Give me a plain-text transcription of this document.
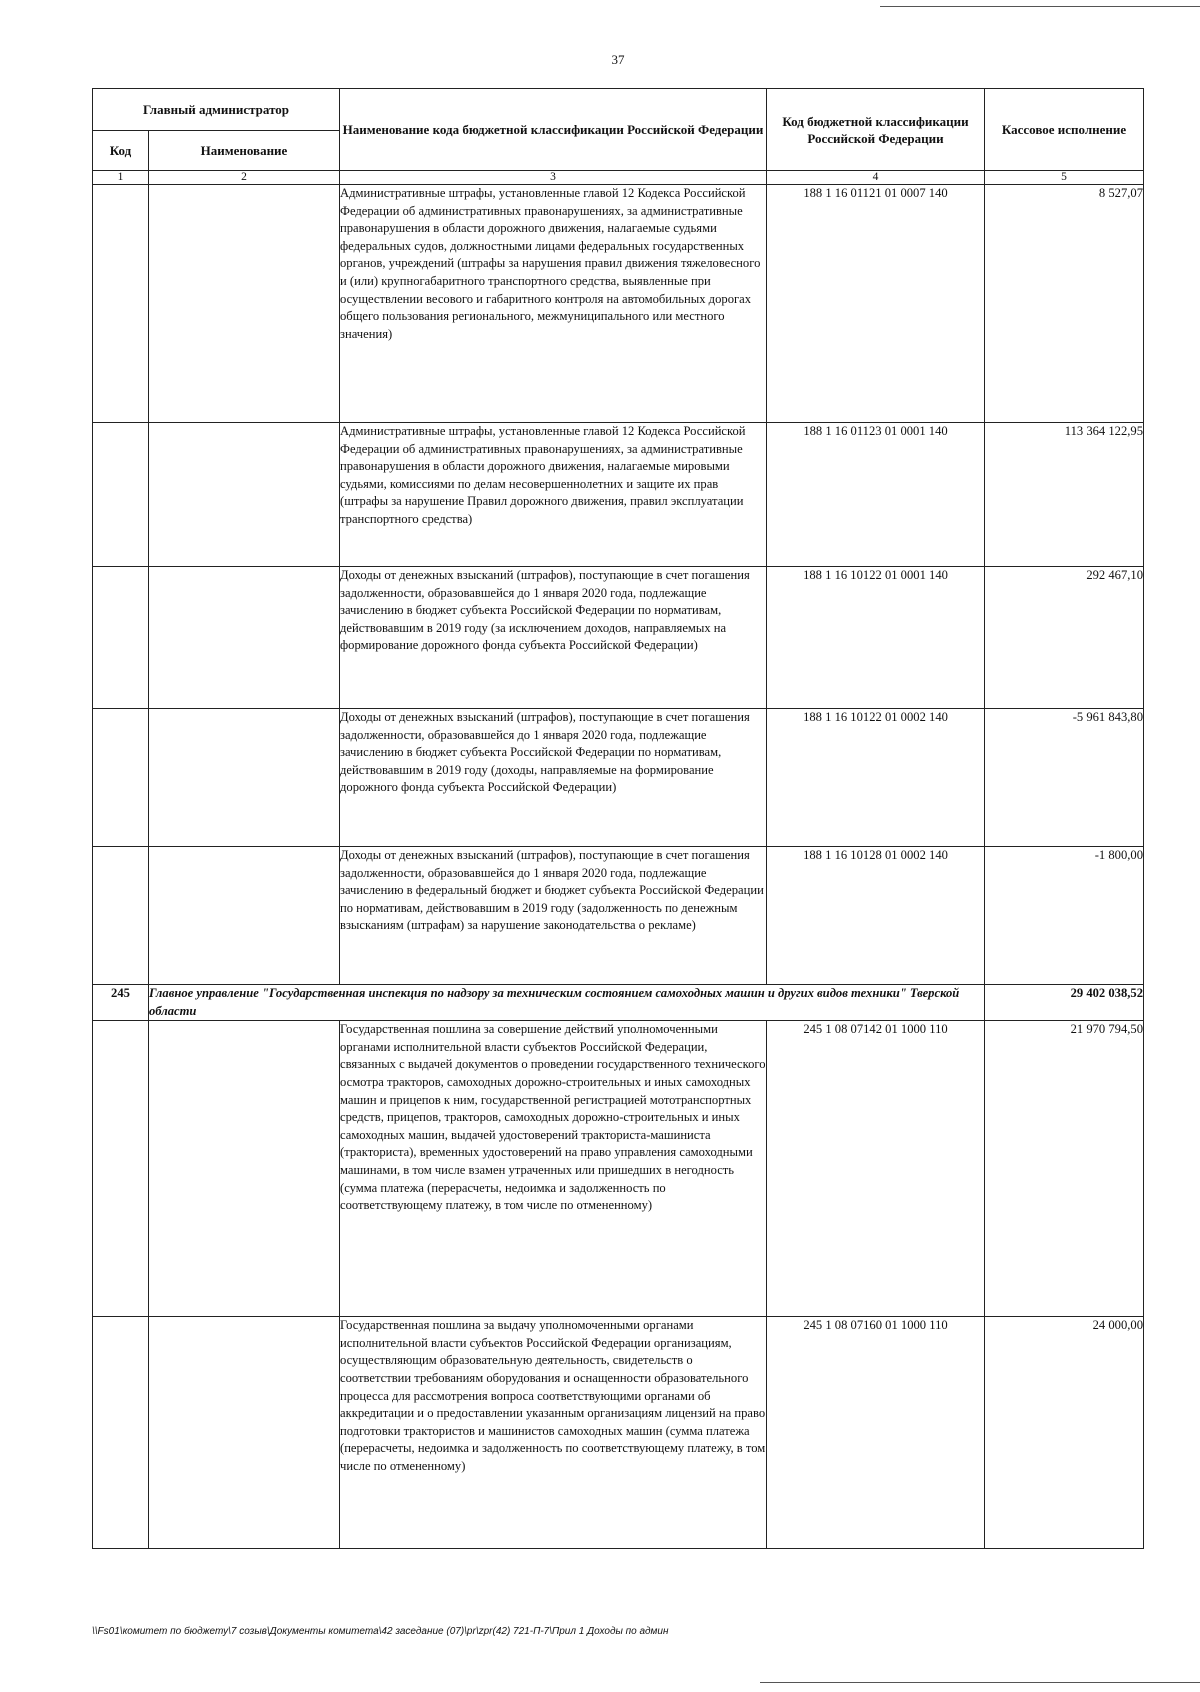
37
Главный администратор		Наименование кода бюджетной классификации Российской Федерации	Код бюджетной классификации Российской Федерации	Кассовое исполнение
Код	Наименование			
1	2	3	4	5
		Административные штрафы, установленные главой 12 Кодекса Российской Федерации об административных правонарушениях, за административные правонарушения в области дорожного движения, налагаемые судьями федеральных судов, должностными лицами федеральных государственных органов, учреждений (штрафы за нарушения правил движения тяжеловесного и (или) крупногабаритного транспортного средства, выявленные при осуществлении весового и габаритного контроля на автомобильных дорогах общего пользования регионального, межмуниципального или местного значения)	188 1 16 01121 01 0007 140	8 527,07
		Административные штрафы, установленные главой 12 Кодекса Российской Федерации об административных правонарушениях, за административные правонарушения в области дорожного движения, налагаемые мировыми судьями, комиссиями по делам несовершеннолетних и защите их прав (штрафы за нарушение Правил дорожного движения, правил эксплуатации транспортного средства)	188 1 16 01123 01 0001 140	113 364 122,95
		Доходы от денежных взысканий (штрафов), поступающие в счет погашения задолженности, образовавшейся до 1 января 2020 года, подлежащие зачислению в бюджет субъекта Российской Федерации по нормативам, действовавшим в 2019 году (за исключением доходов, направляемых на формирование дорожного фонда субъекта Российской Федерации)	188 1 16 10122 01 0001 140	292 467,10
		Доходы от денежных взысканий (штрафов), поступающие в счет погашения задолженности, образовавшейся до 1 января 2020 года, подлежащие зачислению в бюджет субъекта Российской Федерации по нормативам, действовавшим в 2019 году (доходы, направляемые на формирование дорожного фонда субъекта Российской Федерации)	188 1 16 10122 01 0002 140	-5 961 843,80
		Доходы от денежных взысканий (штрафов), поступающие в счет погашения задолженности, образовавшейся до 1 января 2020 года, подлежащие зачислению в федеральный бюджет и бюджет субъекта Российской Федерации по нормативам, действовавшим в 2019 году (задолженность по денежным взысканиям (штрафам) за нарушение законодательства о рекламе)	188 1 16 10128 01 0002 140	-1 800,00
245	Главное управление "Государственная инспекция по надзору за техническим состоянием самоходных машин и других видов техники" Тверской области			29 402 038,52
		Государственная пошлина за совершение действий уполномоченными органами исполнительной власти субъектов Российской Федерации, связанных с выдачей документов о проведении государственного технического осмотра тракторов, самоходных дорожно-строительных и иных самоходных машин и прицепов к ним, государственной регистрацией мототранспортных средств, прицепов, тракторов, самоходных дорожно-строительных и иных самоходных машин, выдачей удостоверений тракториста-машиниста (тракториста), временных удостоверений на право управления самоходными машинами, в том числе взамен утраченных или пришедших в негодность (сумма платежа (перерасчеты, недоимка и задолженность по соответствующему платежу, в том числе по отмененному)	245 1 08 07142 01 1000 110	21 970 794,50
		Государственная пошлина за выдачу уполномоченными органами исполнительной власти субъектов Российской Федерации организациям, осуществляющим образовательную деятельность, свидетельств о соответствии требованиям оборудования и оснащенности образовательного процесса для рассмотрения вопроса соответствующими органами об аккредитации и о предоставлении указанным организациям лицензий на право подготовки трактористов и машинистов самоходных машин (сумма платежа (перерасчеты, недоимка и задолженность по соответствующему платежу, в том числе по отмененному)	245 1 08 07160 01 1000 110	24 000,00
\\Fs01\комитет по бюджету\7 созыв\Документы комитета\42 заседание (07)\pr\zpr(42) 721-П-7\Прил 1 Доходы по админ
